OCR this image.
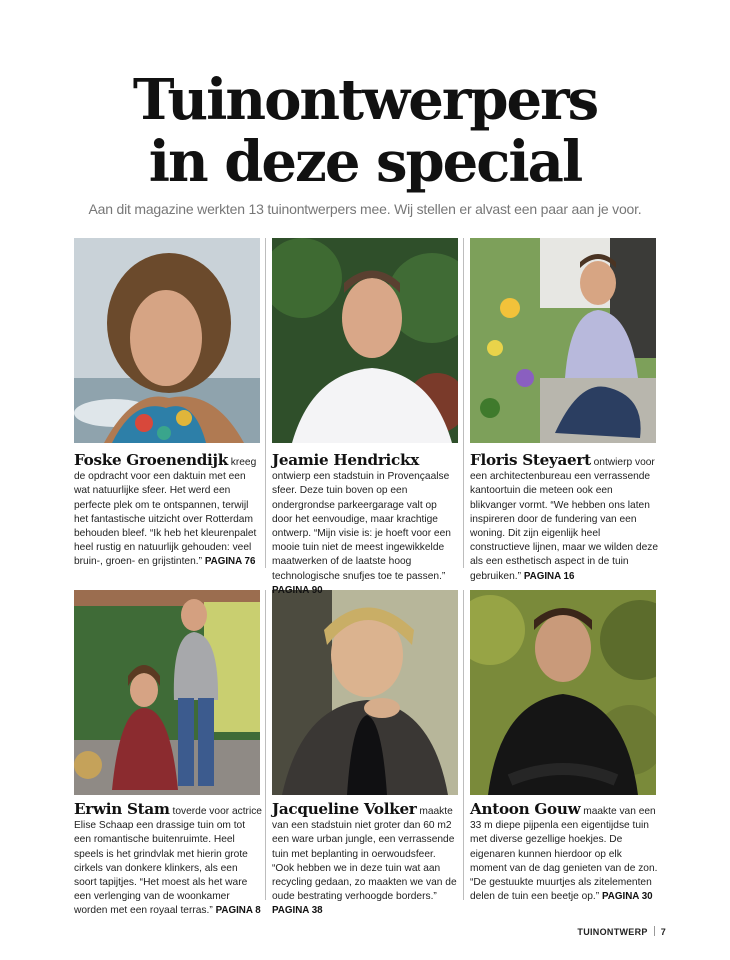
Tuinontwerpers
in deze special
Aan dit magazine werkten 13 tuinontwerpers mee. Wij stellen er alvast een paar aan je voor.
Foske Groenendijk kreeg de opdracht voor een daktuin met een wat natuurlijke sfeer. Het werd een perfecte plek om te ontspannen, terwijl het fantastische uitzicht over Rotterdam behouden bleef. “Ik heb het kleurenpalet heel rustig en natuurlijk gehouden: veel bruin-, groen- en grijstinten.” PAGINA 76
Jeamie Hendrickx ontwierp een stadstuin in Provençaalse sfeer. Deze tuin boven op een ondergrondse parkeergarage valt op door het eenvoudige, maar krachtige ontwerp. “Mijn visie is: je hoeft voor een mooie tuin niet de meest ingewikkelde maatwerken of de laatste hoog technologische snufjes toe te passen.” PAGINA 90
Floris Steyaert ontwierp voor een architectenbureau een verrassende kantoortuin die meteen ook een blikvanger vormt. “We hebben ons laten inspireren door de fundering van een woning. Dit zijn eigenlijk heel constructieve lijnen, maar we wilden deze als een esthetisch aspect in de tuin gebruiken.” PAGINA 16
Erwin Stam toverde voor actrice Elise Schaap een drassige tuin om tot een romantische buitenruimte. Heel speels is het grindvlak met hierin grote cirkels van donkere klinkers, als een soort tapijtjes. “Het moest als het ware een verlenging van de woonkamer worden met een royaal terras.” PAGINA 8
Jacqueline Volker maakte van een stadstuin niet groter dan 60 m2 een ware urban jungle, een verrassende tuin met beplanting in oerwoudsfeer. “Ook hebben we in deze tuin wat aan recycling gedaan, zo maakten we van de oude bestrating verhoogde borders.” PAGINA 38
Antoon Gouw maakte van een 33 m diepe pijpenla een eigentijdse tuin met diverse gezellige hoekjes. De eigenaren kunnen hierdoor op elk moment van de dag genieten van de zon. “De gestuukte muurtjes als zitelementen delen de tuin een beetje op.” PAGINA 30
TUINONTWERP 7
